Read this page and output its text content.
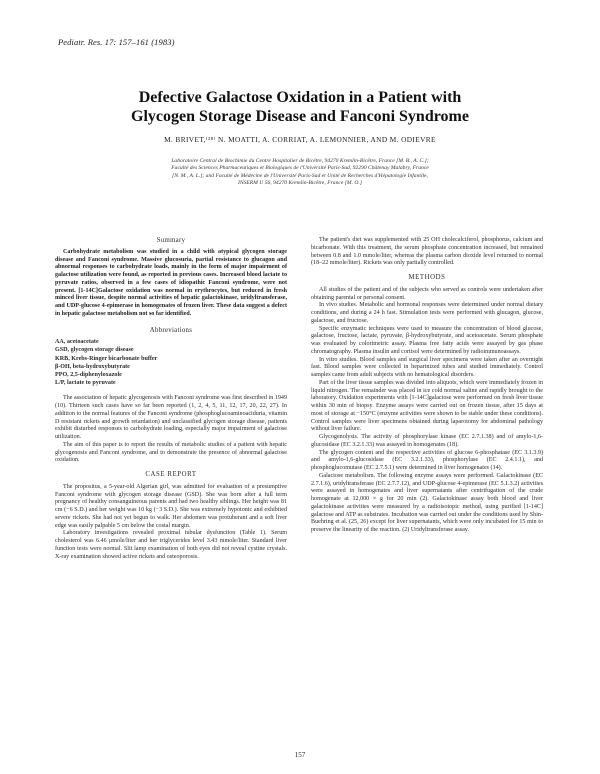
Pediatr. Res. 17: 157–161 (1983)
Defective Galactose Oxidation in a Patient with
Glycogen Storage Disease and Fanconi Syndrome
M. BRIVET,⁽²⁸⁾ N. MOATTI, A. CORRIAT, A. LEMONNIER, AND M. ODIEVRE
Laboratoire Central de Biochimie du Centre Hospitalier de Bicêtre, 94270 Kremlin-Bicêtre, France [M. B., A. C.];
Faculté des Sciences Pharmaceutiques et Biologiques de l'Université Paris-Sud, 92290 Châtenay Malabry, France
[N. M., A. L.]; and Faculté de Médecine de l'Université Paris-Sud et Unité de Recherches d'Hépatologie Infantile,
INSERM U 56, 94270 Kremlin-Bicêtre, France [M. O.]
Summary

Carbohydrate metabolism was studied in a child with atypical glycogen storage disease and Fanconi syndrome. Massive glucosuria, partial resistance to glucagon and abnormal responses to carbohydrate loads, mainly in the form of major impairment of galactose utilization were found, as reported in previous cases. Increased blood lactate to pyruvate ratios, observed in a few cases of idiopathic Fanconi syndrome, were not present. [1-14C]Galactose oxidation was normal in erythrocytes, but reduced in fresh minced liver tissue, despite normal activities of hepatic galactokinase, uridyltransferase, and UDP-glucose 4-epimerase in homogenates of frozen liver. These data suggest a defect in hepatic galactose metabolism not so far identified.

Abbreviations

AA, acetoacetate

GSD, glycogen storage disease

KRB, Krebs-Ringer bicarbonate buffer

β-OH, beta-hydroxybutyrate

PPO, 2,5-diphenyloxazole

L/P, lactate to pyruvate

The association of hepatic glycogenosis with Fanconi syndrome was first described in 1949 (10). Thirteen such cases have so far been reported (1, 2, 4, 5, 11, 12, 17, 20, 22, 27). In addition to the normal features of the Fanconi syndrome (phosphoglucoaminoaciduria, vitamin D resistant rickets and growth retardation) and unclassified glycogen storage disease, patients exhibit disturbed responses to carbohydrate loading, especially major impairment of galactose utilization.

The aim of this paper is to report the results of metabolic studies of a patient with hepatic glycogenosis and Fanconi syndrome, and to demonstrate the presence of abnormal galactose oxidation.

CASE REPORT

The propositus, a 5-year-old Algerian girl, was admitted for evaluation of a presumptive Fanconi syndrome with glycogen storage disease (GSD). She was born after a full term pregnancy of healthy consanguineous parents and had two healthy siblings. Her height was 81 cm (−6 S.D.) and her weight was 10 kg (−3 S.D.). She was extremely hypotonic and exhibited severe rickets. She had not yet begun to walk. Her abdomen was protuberant and a soft liver edge was easily palpable 5 cm below the costal margin.

Laboratory investigations revealed proximal tubular dysfunction (Table 1). Serum cholesterol was 6.46 μmole/liter and her triglycerides level 3.43 mmole/liter. Standard liver function tests were normal. Slit lamp examination of both eyes did not reveal cystine crystals. X-ray examination showed active rickets and osteoporosis.

The patient's diet was supplemented with 25 OH cholecalciferol, phosphorus, calcium and bicarbonate. With this treatment, the serum phosphate concentration increased, but remained between 0.8 and 1.0 mmole/liter, whereas the plasma carbon dioxide level returned to normal (18–22 mmole/liter). Rickets was only partially controlled.

METHODS

All studies of the patient and of the subjects who served as controls were undertaken after obtaining parental or personal consent.

In vivo studies. Metabolic and hormonal responses were determined under normal dietary conditions, and during a 24 h fast. Stimulation tests were performed with glucagon, glucose, galactose, and fructose.

Specific enzymatic techniques were used to measure the concentration of blood glucose, galactose, fructose, lactate, pyruvate, β-hydroxybutyrate, and acetoacetate. Serum phosphate was evaluated by colorimetric assay. Plasma free fatty acids were assayed by gas phase chromatography. Plasma insulin and cortisol were determined by radioimmunoassays.

In vitro studies. Blood samples and surgical liver specimens were taken after an overnight fast. Blood samples were collected in heparinized tubes and studied immediately. Control samples came from adult subjects with no hematological disorders.

Part of the liver tissue samples was divided into aliquots, which were immediately frozen in liquid nitrogen. The remainder was placed in ice cold normal saline and rapidly brought to the laboratory. Oxidation experiments with [1-14C]galactose were performed on fresh liver tissue within 30 min of biopsy. Enzyme assays were carried out on frozen tissue, after 15 days at most of storage at −150°C (enzyme activities were shown to be stable under these conditions). Control samples were liver specimens obtained during laparotomy for abdominal pathology without liver failure.

Glycogenolysis. The activity of phosphorylase kinase (EC 2.7.1.38) and of amylo-1,6-glucosidase (EC 3.2.1.33) was assayed in homogenates (18).

The glycogen content and the respective activities of glucose 6-phosphatase (EC 3.1.3.9) and amylo-1,6-glucosidase (EC 3.2.1.33), phosphorylase (EC 2.4.1.1), and phosphoglucomutase (EC 2.7.5.1) were determined in liver homogenates (14).

Galactose metabolism. The following enzyme assays were performed. Galactokinase (EC 2.7.1.6), uridyltransferase (EC 2.7.7.12), and UDP-glucose 4-epimerase (EC 5.1.3.2) activities were assayed in homogenates and liver supernatants after centrifugation of the crude homogenate at 12,000 × g for 20 min (2). Galactokinase assay both blood and liver galactokinase activities were measured by a radioisotopic method, using purified [1-14C] galactose and ATP as substrates. Incubation was carried out under the conditions used by Shin-Buehring et al. (25, 26) except for liver supernatants, which were only incubated for 15 min to preserve the linearity of the reaction. (2) Uridyltransferase assay.

157
